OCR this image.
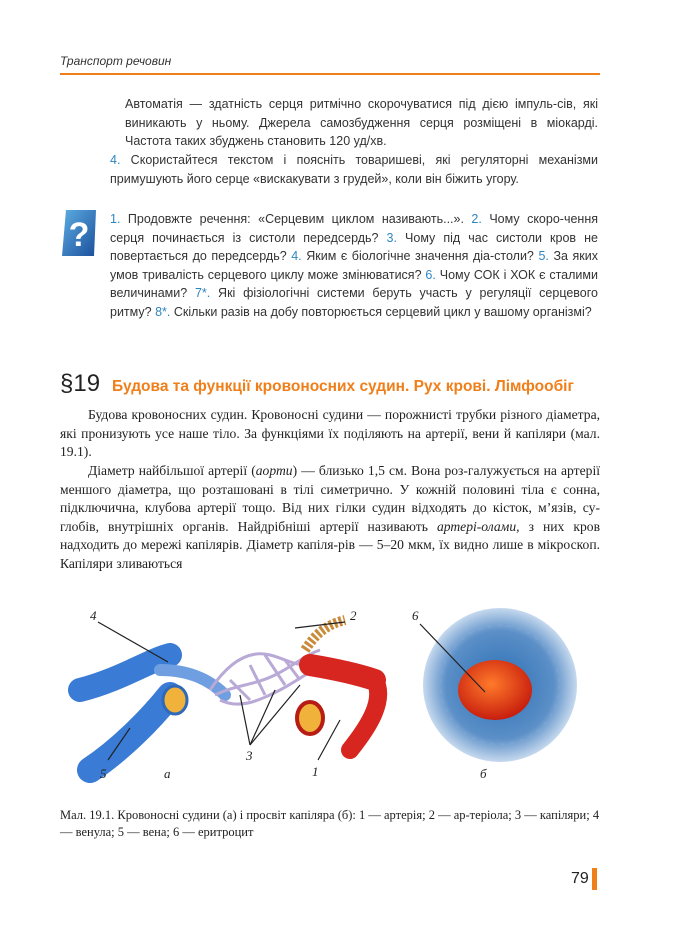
Транспорт речовин
Автоматія — здатність серця ритмічно скорочуватися під дією імпуль-сів, які виникають у ньому. Джерела самозбудження серця розміщені в міокарді. Частота таких збуджень становить 120 уд/хв.
4. Скористайтеся текстом і поясніть товаришеві, які регуляторні механізми примушують його серце «вискакувати з грудей», коли він біжить угору.
? 1. Продовжте речення: «Серцевим циклом називають...». 2. Чому скоро-чення серця починається із систоли передсердь? 3. Чому під час систоли кров не повертається до передсердь? 4. Яким є біологічне значення діа-столи? 5. За яких умов тривалість серцевого циклу може змінюватися? 6. Чому СОК і ХОК є сталими величинами? 7*. Які фізіологічні системи беруть участь у регуляції серцевого ритму? 8*. Скільки разів на добу повторюється серцевий цикл у вашому організмі?
§19 Будова та функції кровоносних судин. Рух крові. Лімфообіг

Будова кровоносних судин. Кровоносні судини — порожнисті трубки різного діаметра, які пронизують усе наше тіло. За функціями їх поділяють на артерії, вени й капіляри (мал. 19.1).

Діаметр найбільшої артерії (аорти) — близько 1,5 см. Вона роз-галужується на артерії меншого діаметра, що розташовані в тілі симетрично. У кожній половині тіла є сонна, підключична, клубова артерії тощо. Від них гілки судин відходять до кісток, м’язів, су-глобів, внутрішніх органів. Найдрібніші артерії називають артері-олами, з них кров надходить до мережі капілярів. Діаметр капіля-рів — 5–20 мкм, їх видно лише в мікроскоп. Капіляри зливаються

4	2
3
1
5
6
а	б
Мал. 19.1. Кровоносні судини (а) і просвіт капіляра (б): 1 — артерія; 2 — ар-теріола; 3 — капіляри; 4 — венула; 5 — вена; 6 — еритроцит
79
